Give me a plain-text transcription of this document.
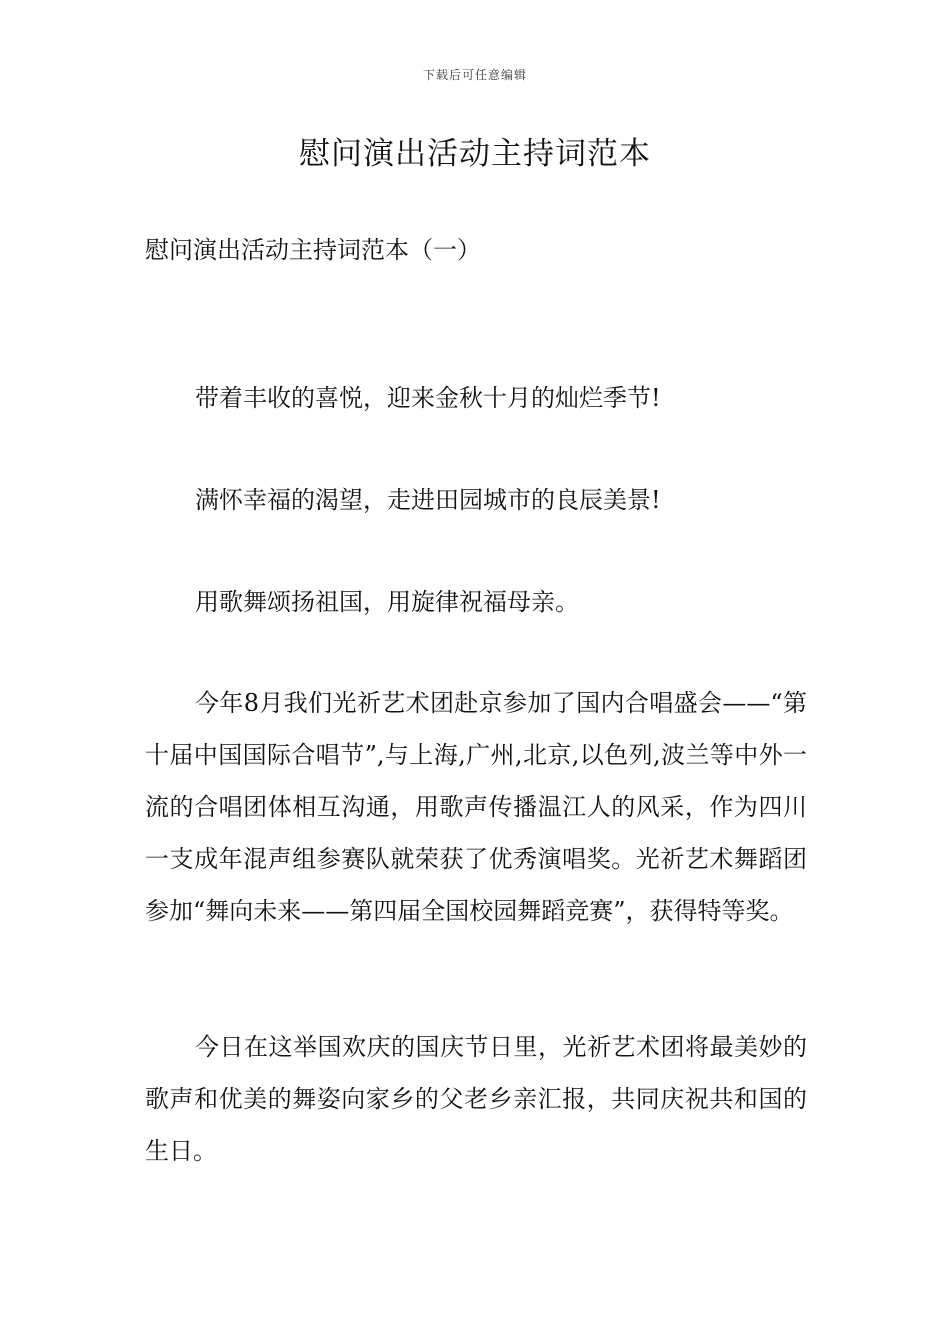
下载后可任意编辑
慰问演出活动主持词范本
慰问演出活动主持词范本（一）

带着丰收的喜悦，迎来金秋十月的灿烂季节!

满怀幸福的渴望，走进田园城市的良辰美景!

用歌舞颂扬祖国，用旋律祝福母亲。

今年8月我们光祈艺术团赴京参加了国内合唱盛会——“第十届中国国际合唱节”,与上海,广州,北京,以色列,波兰等中外一流的合唱团体相互沟通，用歌声传播温江人的风采，作为四川一支成年混声组参赛队就荣获了优秀演唱奖。光祈艺术舞蹈团参加“舞向未来——第四届全国校园舞蹈竞赛”，获得特等奖。

今日在这举国欢庆的国庆节日里，光祈艺术团将最美妙的歌声和优美的舞姿向家乡的父老乡亲汇报，共同庆祝共和国的生日。
